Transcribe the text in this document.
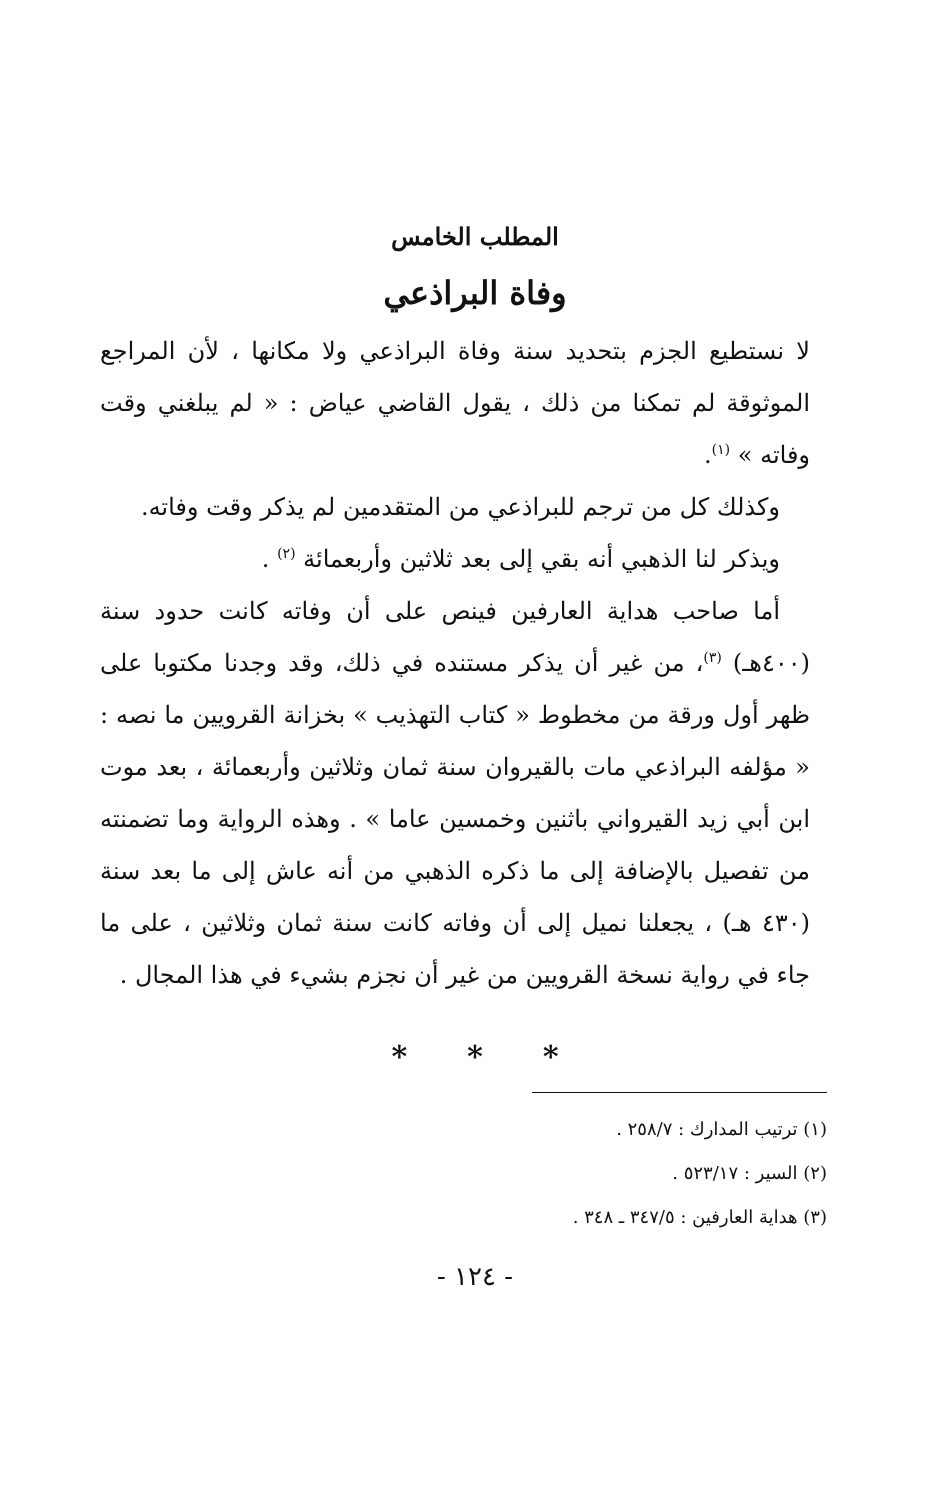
المطلب الخامس
وفاة البراذعي

لا نستطيع الجزم بتحديد سنة وفاة البراذعي ولا مكانها ، لأن المراجع الموثوقة لم تمكنا من ذلك ، يقول القاضي عياض : « لم يبلغني وقت وفاته » $^{(١)}$.

وكذلك كل من ترجم للبراذعي من المتقدمين لم يذكر وقت وفاته.

ويذكر لنا الذهبي أنه بقي إلى بعد ثلاثين وأربعمائة $^{(٢)}$ .

أما صاحب هداية العارفين فينص على أن وفاته كانت حدود سنة (٤٠٠هـ) $^{(٣)}$، من غير أن يذكر مستنده في ذلك، وقد وجدنا مكتوبا على ظهر أول ورقة من مخطوط « كتاب التهذيب » بخزانة القرويين ما نصه : « مؤلفه البراذعي مات بالقيروان سنة ثمان وثلاثين وأربعمائة ، بعد موت ابن أبي زيد القيرواني باثنين وخمسين عاما » . وهذه الرواية وما تضمنته من تفصيل بالإضافة إلى ما ذكره الذهبي من أنه عاش إلى ما بعد سنة (٤٣٠ هـ) ، يجعلنا نميل إلى أن وفاته كانت سنة ثمان وثلاثين ، على ما جاء في رواية نسخة القرويين من غير أن نجزم بشيء في هذا المجال .

* * *
(١) ترتيب المدارك : ٢٥٨/٧ .
(٢) السير : ٥٢٣/١٧ .
(٣) هداية العارفين : ٣٤٧/٥ ـ ٣٤٨ .
- ١٢٤ -
